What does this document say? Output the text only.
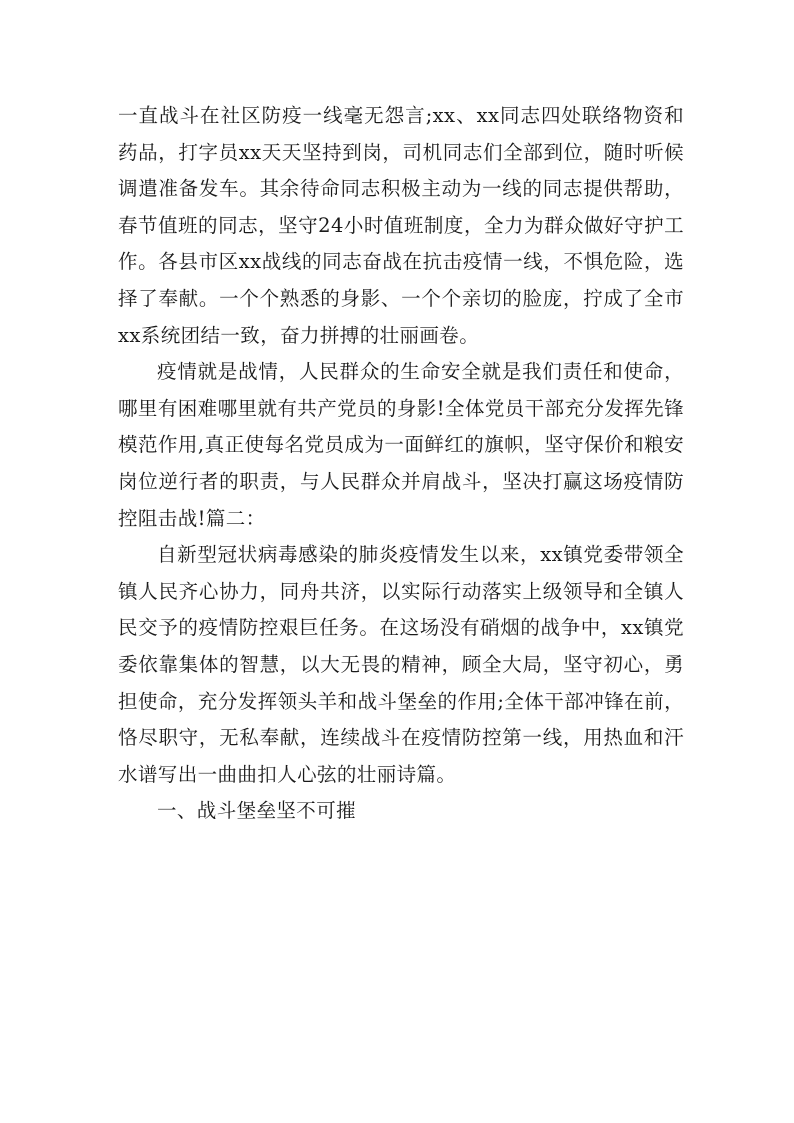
一直战斗在社区防疫一线毫无怨言;xx、xx同志四处联络物资和药品，打字员xx天天坚持到岗，司机同志们全部到位，随时听候调遣准备发车。其余待命同志积极主动为一线的同志提供帮助，春节值班的同志，坚守24小时值班制度，全力为群众做好守护工作。各县市区xx战线的同志奋战在抗击疫情一线，不惧危险，选择了奉献。一个个熟悉的身影、一个个亲切的脸庞，拧成了全市xx系统团结一致，奋力拼搏的壮丽画卷。

疫情就是战情，人民群众的生命安全就是我们责任和使命，哪里有困难哪里就有共产党员的身影!全体党员干部充分发挥先锋模范作用,真正使每名党员成为一面鲜红的旗帜，坚守保价和粮安岗位逆行者的职责，与人民群众并肩战斗，坚决打赢这场疫情防控阻击战!篇二：

自新型冠状病毒感染的肺炎疫情发生以来，xx镇党委带领全镇人民齐心协力，同舟共济，以实际行动落实上级领导和全镇人民交予的疫情防控艰巨任务。在这场没有硝烟的战争中，xx镇党委依靠集体的智慧，以大无畏的精神，顾全大局，坚守初心，勇担使命，充分发挥领头羊和战斗堡垒的作用;全体干部冲锋在前，恪尽职守，无私奉献，连续战斗在疫情防控第一线，用热血和汗水谱写出一曲曲扣人心弦的壮丽诗篇。

一、战斗堡垒坚不可摧
